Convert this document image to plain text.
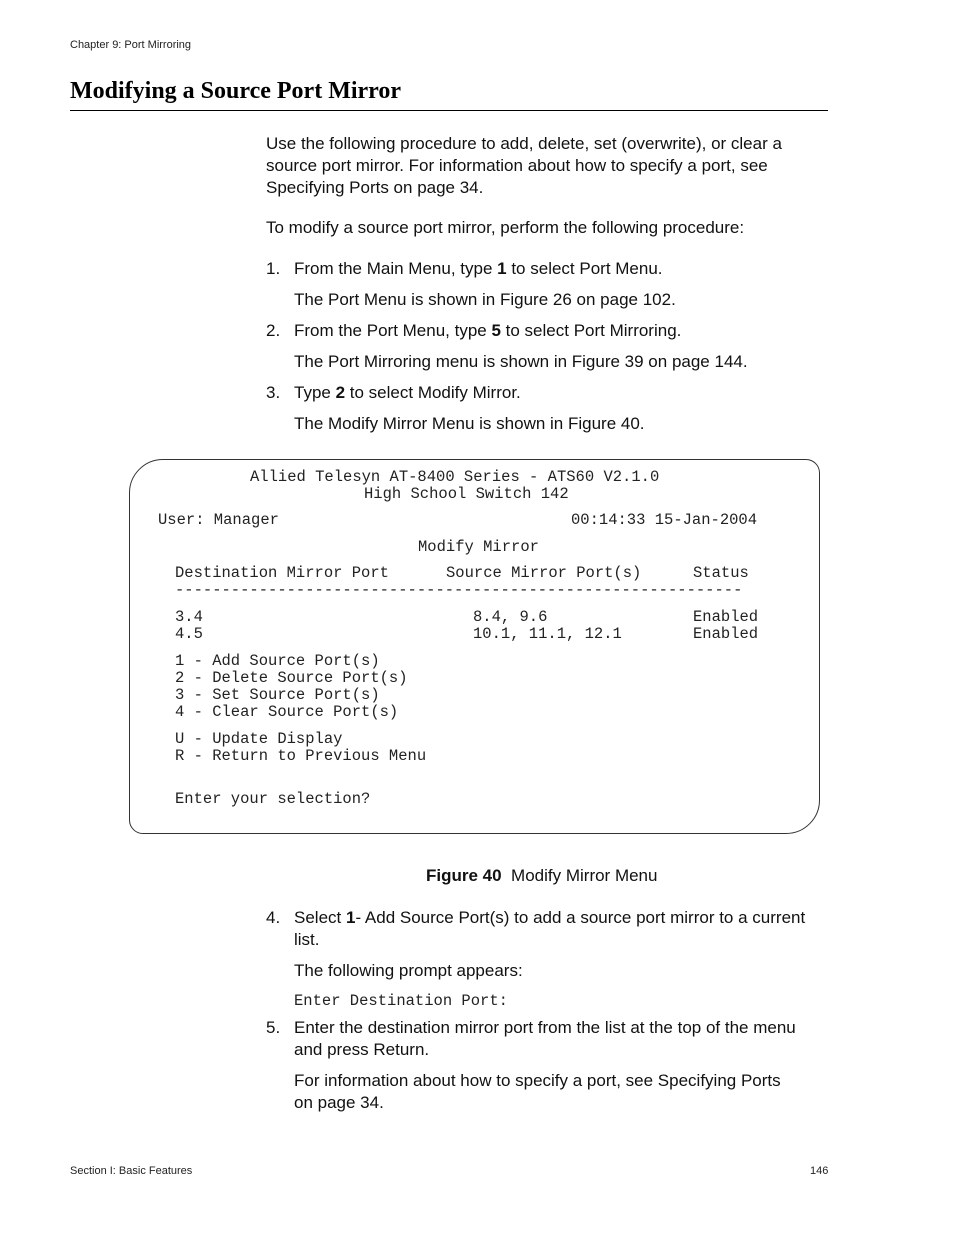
Chapter 9: Port Mirroring
Modifying a Source Port Mirror
Use the following procedure to add, delete, set (overwrite), or clear a
source port mirror. For information about how to specify a port, see
Specifying Ports on page 34.
To modify a source port mirror, perform the following procedure:
1. From the Main Menu, type 1 to select Port Menu.
The Port Menu is shown in Figure 26 on page 102.
2. From the Port Menu, type 5 to select Port Mirroring.
The Port Mirroring menu is shown in Figure 39 on page 144.
3. Type 2 to select Modify Mirror.
The Modify Mirror Menu is shown in Figure 40.
Allied Telesyn AT-8400 Series - ATS60 V2.1.0
High School Switch 142
User: Manager	00:14:33 15-Jan-2004
Modify Mirror
Destination Mirror Port	Source Mirror Port(s)	Status
-------------------------------------------------------------
3.4	8.4, 9.6	Enabled
4.5	10.1, 11.1, 12.1	Enabled
1 - Add Source Port(s)
2 - Delete Source Port(s)
3 - Set Source Port(s)
4 - Clear Source Port(s)
U - Update Display
R - Return to Previous Menu
Enter your selection?
Figure 40 Modify Mirror Menu
4. Select 1- Add Source Port(s) to add a source port mirror to a current
list.
The following prompt appears:
Enter Destination Port:
5. Enter the destination mirror port from the list at the top of the menu
and press Return.
For information about how to specify a port, see Specifying Ports
on page 34.
Section I: Basic Features	146
